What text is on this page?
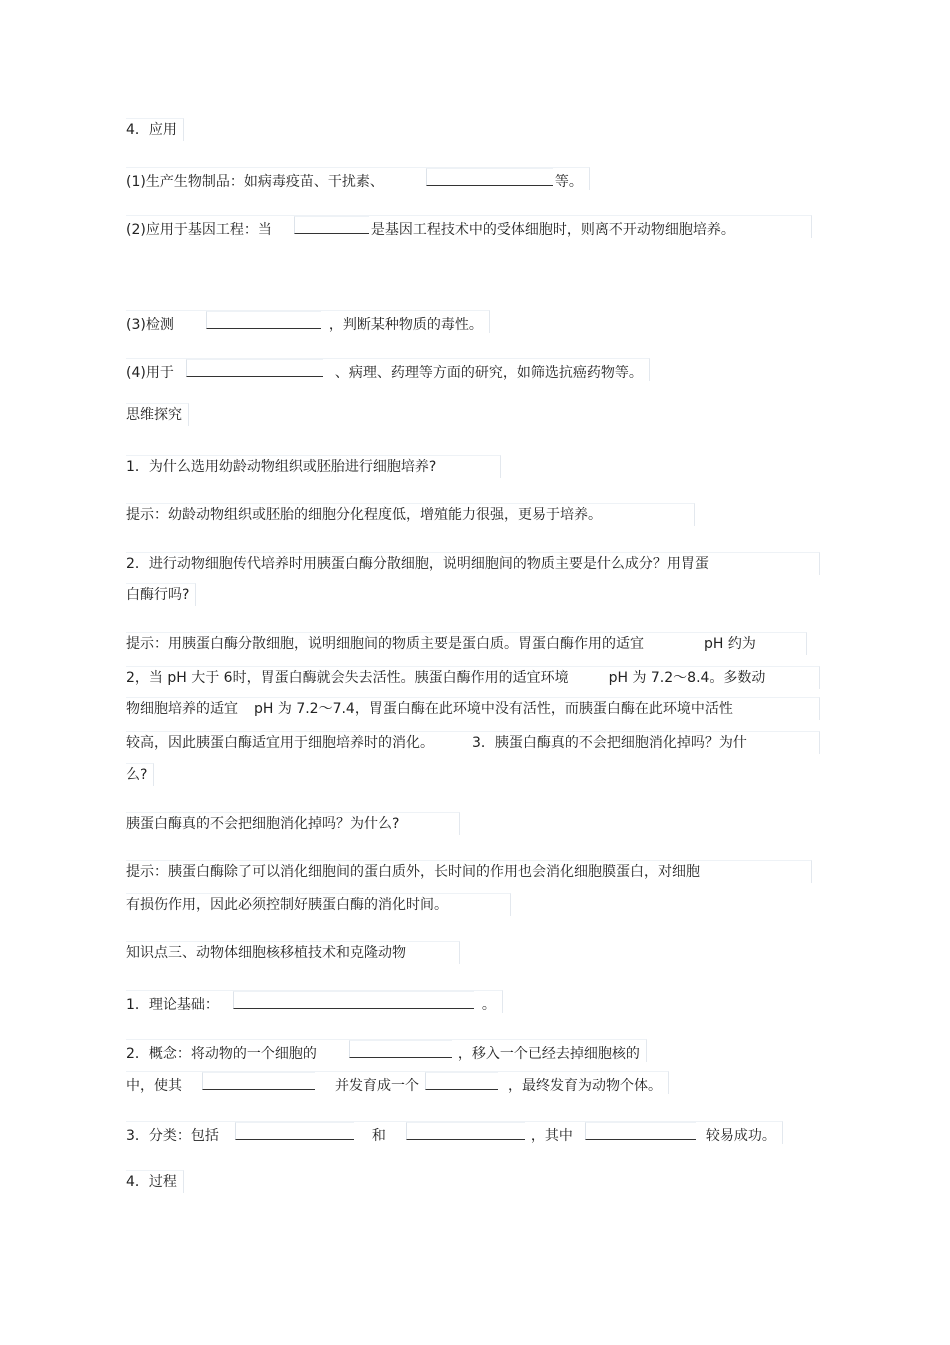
4．应用
(1)生产生物制品：如病毒疫苗、干扰素、	等。
(2)应用于基因工程：当	是基因工程技术中的受体细胞时，则离不开动物细胞培养。
(3)检测	，判断某种物质的毒性。
(4)用于	、病理、药理等方面的研究，如筛选抗癌药物等。
思维探究
1．为什么选用幼龄动物组织或胚胎进行细胞培养?
提示：幼龄动物组织或胚胎的细胞分化程度低，增殖能力很强，更易于培养。
2．进行动物细胞传代培养时用胰蛋白酶分散细胞，说明细胞间的物质主要是什么成分？用胃蛋
白酶行吗?
提示：用胰蛋白酶分散细胞，说明细胞间的物质主要是蛋白质。胃蛋白酶作用的适宜	pH 约为
2，当 pH 大于 6时，胃蛋白酶就会失去活性。胰蛋白酶作用的适宜环境	pH 为 7.2～8.4。多数动
物细胞培养的适宜 pH 为 7.2～7.4，胃蛋白酶在此环境中没有活性，而胰蛋白酶在此环境中活性
较高，因此胰蛋白酶适宜用于细胞培养时的消化。	3．胰蛋白酶真的不会把细胞消化掉吗？为什
么?
胰蛋白酶真的不会把细胞消化掉吗？为什么?
提示：胰蛋白酶除了可以消化细胞间的蛋白质外，长时间的作用也会消化细胞膜蛋白，对细胞
有损伤作用，因此必须控制好胰蛋白酶的消化时间。
知识点三、动物体细胞核移植技术和克隆动物
1．理论基础：	。
2．概念：将动物的一个细胞的	，移入一个已经去掉细胞核的
中，使其	并发育成一个	，最终发育为动物个体。
3．分类：包括	和	，其中	较易成功。
4．过程
